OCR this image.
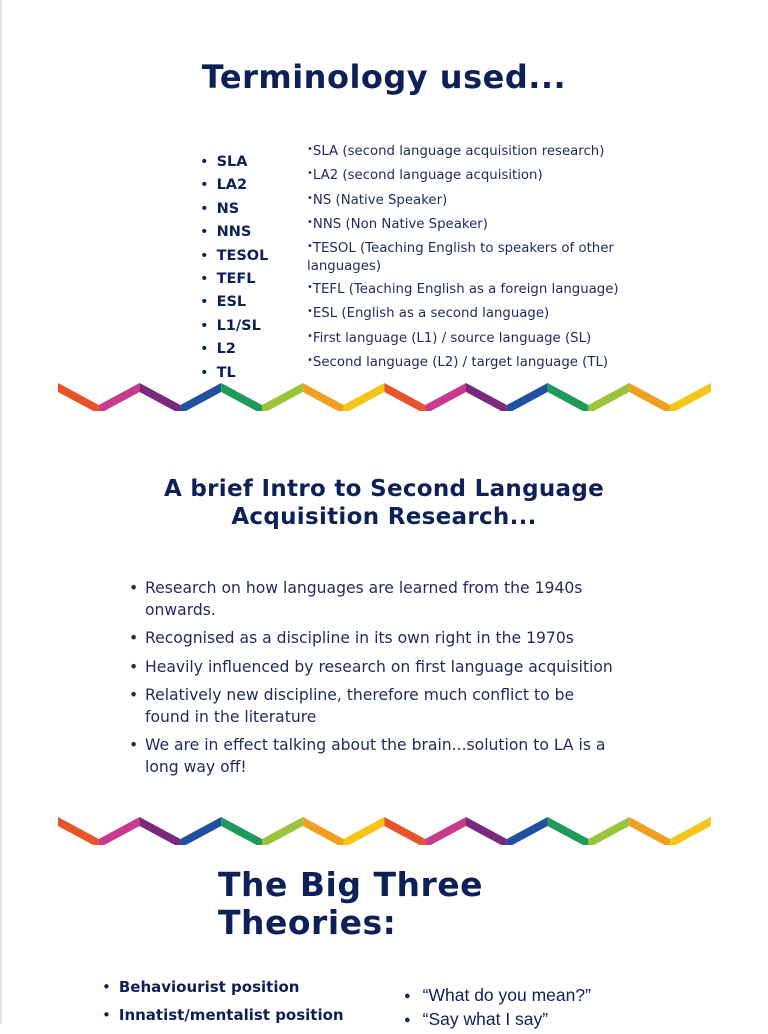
Terminology used...
• SLA
• LA2
• NS
• NNS
• TESOL
• TEFL
• ESL
• L1/SL
• L2
• TL
• SLA (second language acquisition research)
• LA2 (second language acquisition)
• NS (Native Speaker)
• NNS (Non Native Speaker)
• TESOL (Teaching English to speakers of other languages)
• TEFL (Teaching English as a foreign language)
• ESL (English as a second language)
• First language (L1) / source language (SL)
• Second language (L2) / target language (TL)
A brief Intro to Second Language Acquisition Research...
• Research on how languages are learned from the 1940s onwards.
• Recognised as a discipline in its own right in the 1970s
• Heavily influenced by research on first language acquisition
• Relatively new discipline, therefore much conflict to be found in the literature
• We are in effect talking about the brain...solution to LA is a long way off!
The Big Three Theories:
• Behaviourist position
• Innatist/mentalist position
● “What do you mean?”
● “Say what I say”
